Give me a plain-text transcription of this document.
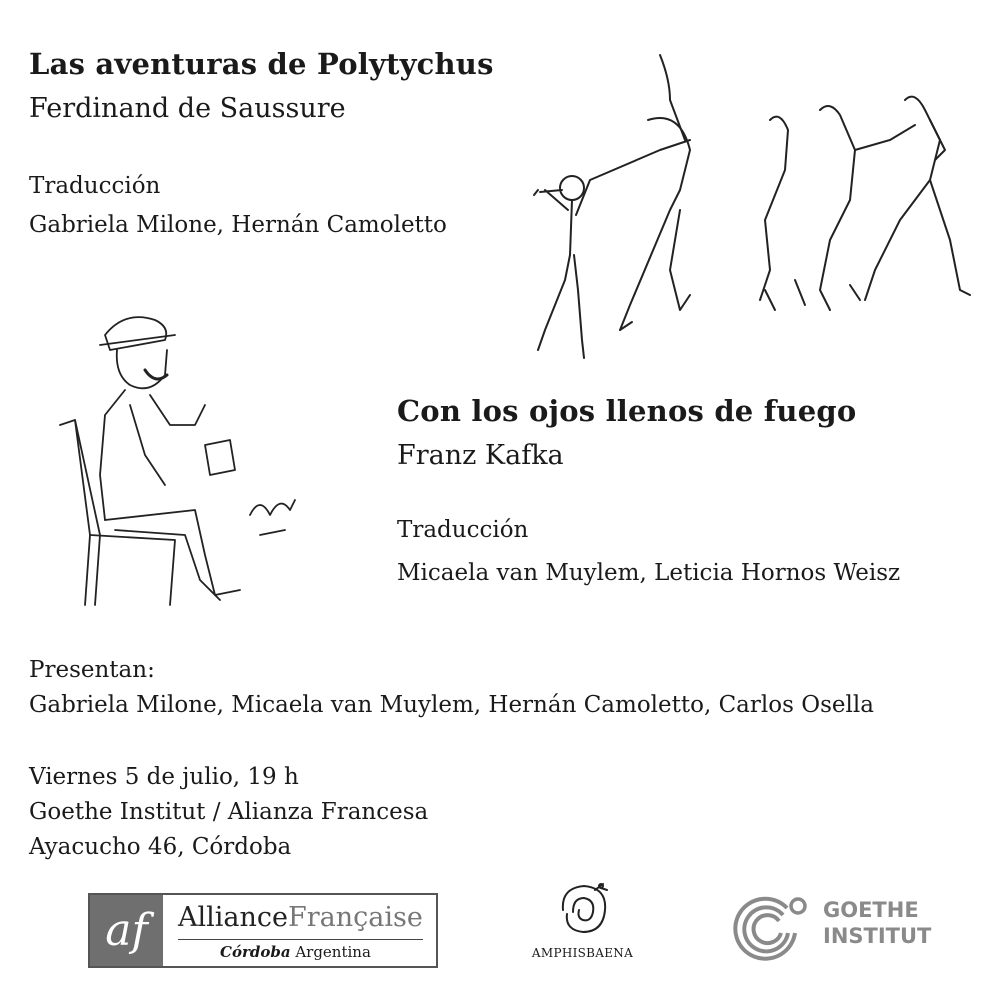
Las aventuras de Polytychus
Ferdinand de Saussure
Traducción
Gabriela Milone, Hernán Camoletto
Con los ojos llenos de fuego
Franz Kafka
Traducción
Micaela van Muylem, Leticia Hornos Weisz
Presentan:
Gabriela Milone, Micaela van Muylem, Hernán Camoletto, Carlos Osella
Viernes 5 de julio, 19 h
Goethe Institut / Alianza Francesa
Ayacucho 46, Córdoba
af	AllianceFrançaise
Córdoba Argentina	AMPHISBAENA
GOETHE
INSTITUT
